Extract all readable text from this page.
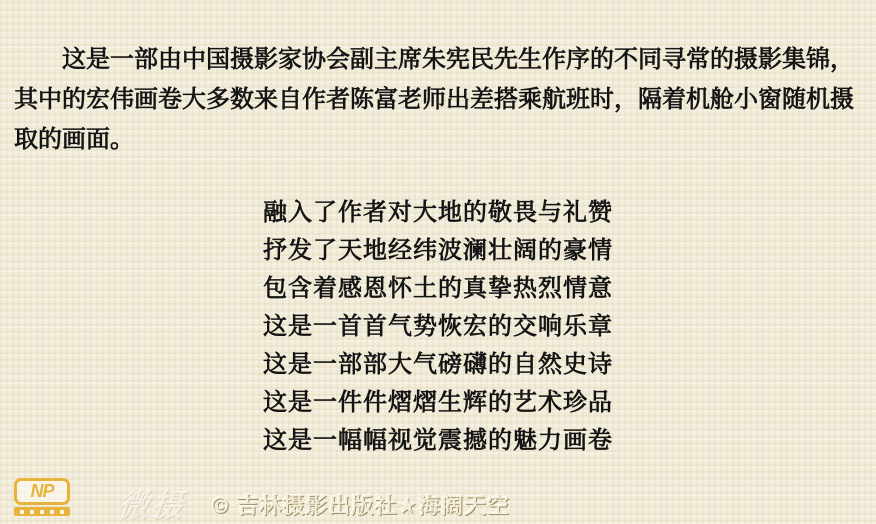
这是一部由中国摄影家协会副主席朱宪民先生作序的不同寻常的摄影集锦，其中的宏伟画卷大多数来自作者陈富老师出差搭乘航班时，隔着机舱小窗随机摄取的画面。

融入了作者对大地的敬畏与礼赞
抒发了天地经纬波澜壮阔的豪情
包含着感恩怀土的真挚热烈情意
这是一首首气势恢宏的交响乐章
这是一部部大气磅礴的自然史诗
这是一件件熠熠生辉的艺术珍品
这是一幅幅视觉震撼的魅力画卷
NP 微摄 © 吉林摄影出版社★海阔天空
